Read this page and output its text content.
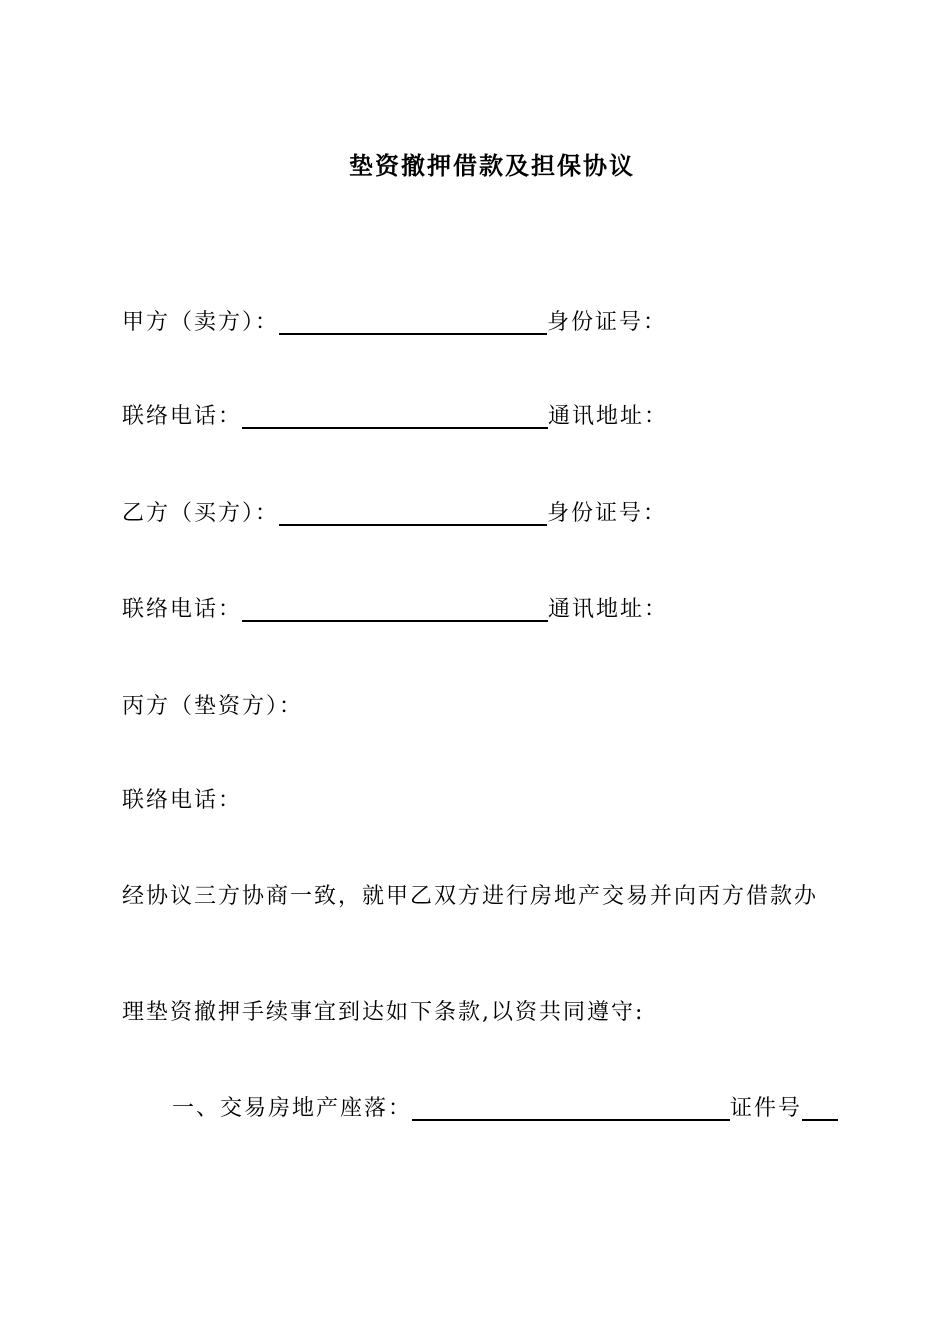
垫资撤押借款及担保协议
甲方（卖方）：	身份证号：
联络电话：	通讯地址：
乙方（买方）：	身份证号：
联络电话：	通讯地址：
丙方（垫资方）：
联络电话：
经协议三方协商一致，就甲乙双方进行房地产交易并向丙方借款办
理垫资撤押手续事宜到达如下条款,以资共同遵守:
一、交易房地产座落：	证件号
